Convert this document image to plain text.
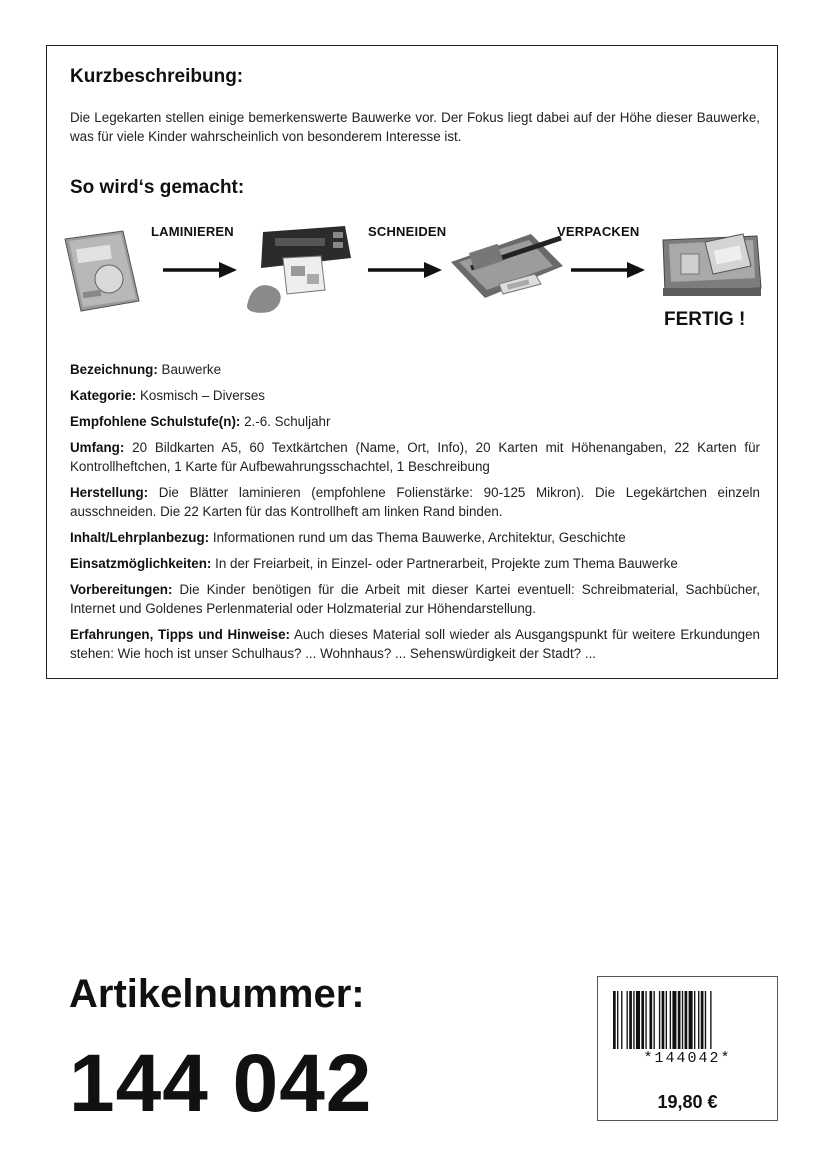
Kurzbeschreibung:
Die Legekarten stellen einige bemerkenswerte Bauwerke vor. Der Fokus liegt dabei auf der Höhe dieser Bauwerke, was für viele Kinder wahrscheinlich von besonderem Interesse ist.
So wird‘s gemacht:
LAMINIEREN	SCHNEIDEN	VERPACKEN
FERTIG !
Bezeichnung: Bauwerke
Kategorie: Kosmisch – Diverses
Empfohlene Schulstufe(n): 2.-6. Schuljahr
Umfang: 20 Bildkarten A5, 60 Textkärtchen (Name, Ort, Info), 20 Karten mit Höhenangaben, 22 Karten für Kontrollheftchen, 1 Karte für Aufbewahrungsschachtel, 1 Beschreibung
Herstellung: Die Blätter laminieren (empfohlene Folienstärke: 90-125 Mikron). Die Legekärtchen einzeln ausschneiden. Die 22 Karten für das Kontrollheft am linken Rand binden.
Inhalt/Lehrplanbezug: Informationen rund um das Thema Bauwerke, Architektur, Geschichte
Einsatzmöglichkeiten: In der Freiarbeit, in Einzel- oder Partnerarbeit, Projekte zum Thema Bauwerke
Vorbereitungen: Die Kinder benötigen für die Arbeit mit dieser Kartei eventuell: Schreibmaterial, Sachbücher, Internet und Goldenes Perlenmaterial oder Holzmaterial zur Höhendarstellung.
Erfahrungen, Tipps und Hinweise: Auch dieses Material soll wieder als Ausgangspunkt für weitere Erkundungen stehen: Wie hoch ist unser Schulhaus? ... Wohnhaus? ... Sehenswürdigkeit der Stadt? ...
Artikelnummer:
144 042	*144042*
19,80 €
